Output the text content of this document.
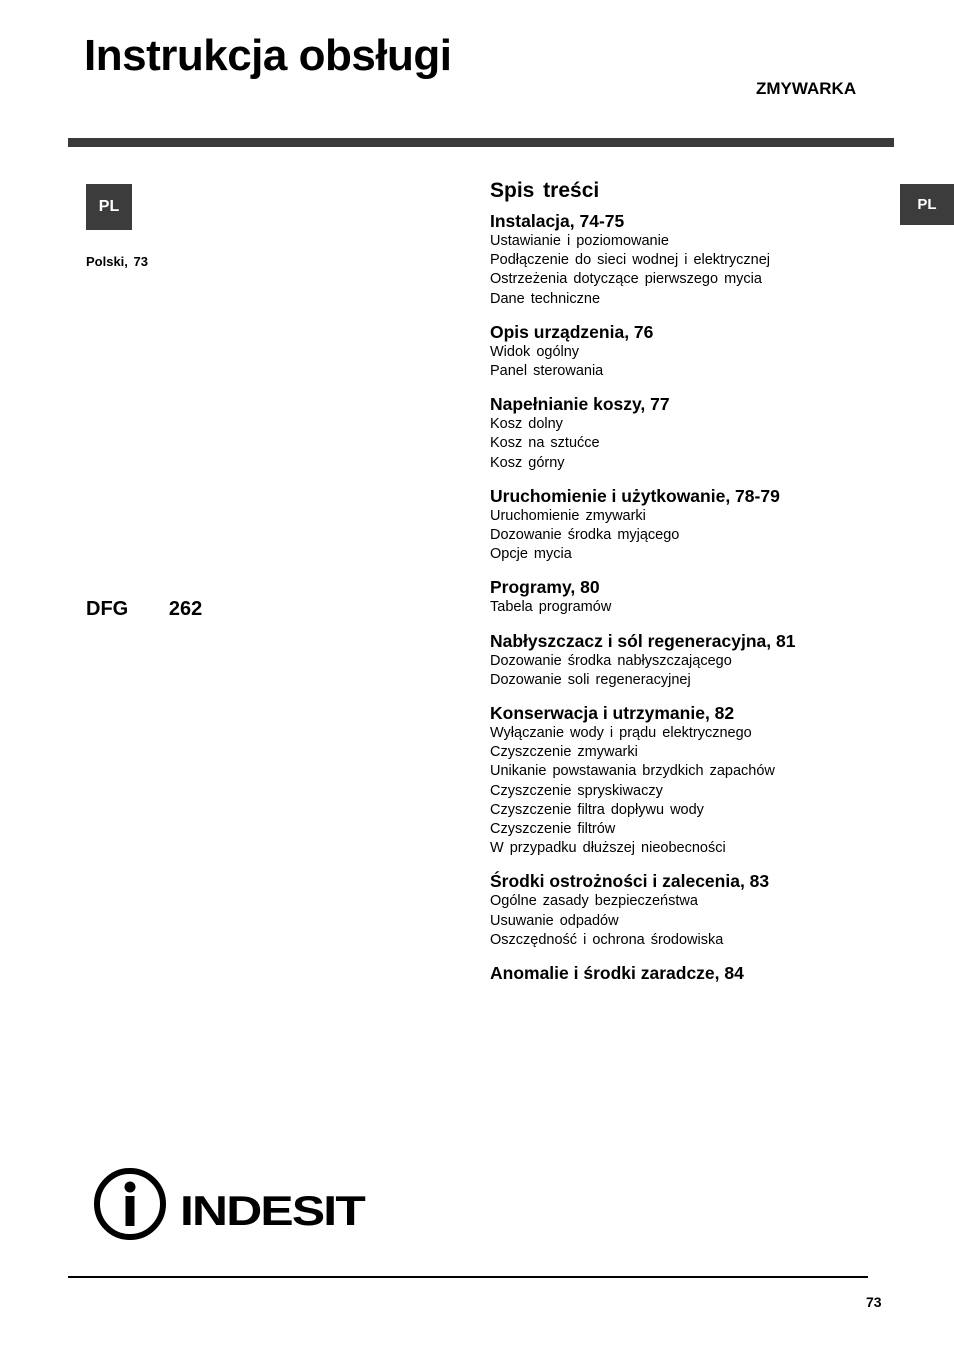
Instrukcja obsługi
ZMYWARKA
PL	PL
Polski, 73
DFG   262
Spis treści
Instalacja, 74-75
Ustawianie i poziomowanie
Podłączenie do sieci wodnej i elektrycznej
Ostrzeżenia dotyczące pierwszego mycia
Dane techniczne
Opis urządzenia, 76
Widok ogólny
Panel sterowania
Napełnianie koszy, 77
Kosz dolny
Kosz na sztućce
Kosz górny
Uruchomienie i użytkowanie, 78-79
Uruchomienie zmywarki
Dozowanie środka myjącego
Opcje mycia
Programy, 80
Tabela programów
Nabłyszczacz i sól regeneracyjna, 81
Dozowanie środka nabłyszczającego
Dozowanie soli regeneracyjnej
Konserwacja i utrzymanie, 82
Wyłączanie wody i prądu elektrycznego
Czyszczenie zmywarki
Unikanie powstawania brzydkich zapachów
Czyszczenie spryskiwaczy
Czyszczenie filtra dopływu wody
Czyszczenie filtrów
W przypadku dłuższej nieobecności
Środki ostrożności i zalecenia, 83
Ogólne zasady bezpieczeństwa
Usuwanie odpadów
Oszczędność i ochrona środowiska
Anomalie i środki zaradcze, 84
INDESIT
73
